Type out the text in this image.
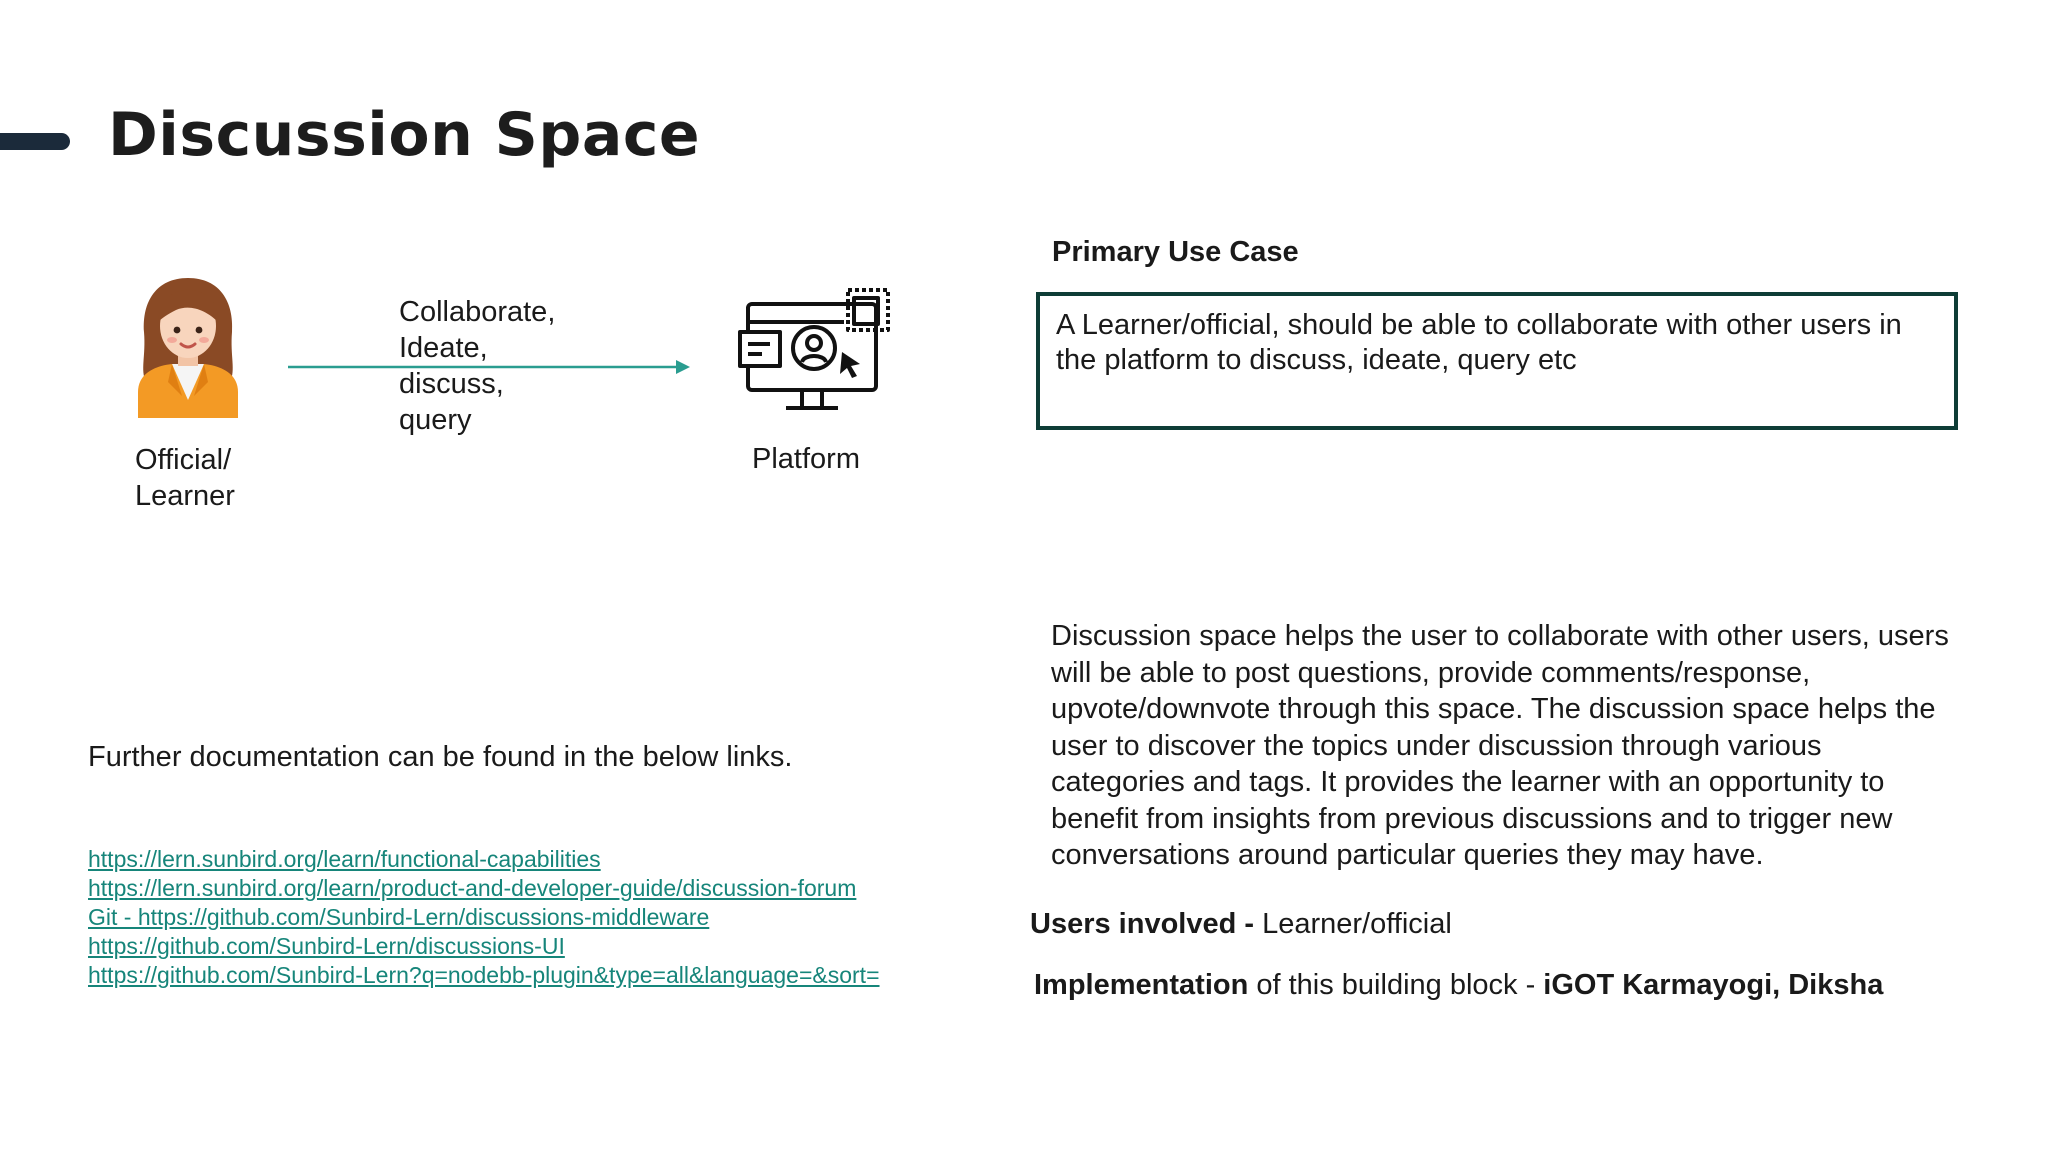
Discussion Space
Official/
Learner
Collaborate,
Ideate,
discuss,
query
Platform
Primary Use Case
A Learner/official, should be able to collaborate with other users in the platform to discuss, ideate, query etc
Discussion space helps the user to collaborate with other users, users will be able to post questions, provide comments/response, upvote/downvote through this space. The discussion space helps the user to discover the topics under discussion through various categories and tags. It provides the learner with an opportunity to benefit from insights from previous discussions and to trigger new conversations around particular queries they may have.
Further documentation can be found in the below links.
https://lern.sunbird.org/learn/functional-capabilities
https://lern.sunbird.org/learn/product-and-developer-guide/discussion-forum
Git - https://github.com/Sunbird-Lern/discussions-middleware
https://github.com/Sunbird-Lern/discussions-UI
https://github.com/Sunbird-Lern?q=nodebb-plugin&type=all&language=&sort=
Users involved - Learner/official
Implementation of this building block - iGOT Karmayogi, Diksha
